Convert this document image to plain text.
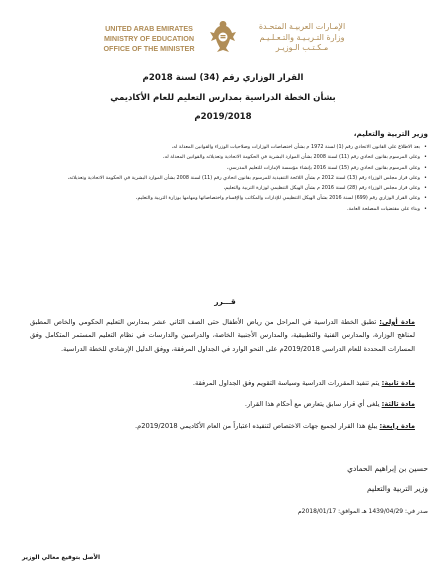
UNITED ARAB EMIRATES
MINISTRY OF EDUCATION
OFFICE OF THE MINISTER
الإمـارات العربيـة المتحـدة
وزارة التـربـيـة والتـعـلـيـم
مـكـتـب الـوزيـر
القرار الوزاري رقم (34) لسنة 2018م
بشأن الخطة الدراسية بمدارس التعليم للعام الأكاديمي
2019/2018م
وزير التربية والتعليم،
• بعد الاطلاع على القانون الاتحادي رقم (1) لسنة 1972 م بشأن اختصاصات الوزارات وصلاحيات الوزراء والقوانين المعدلة له،
• وعلى المرسوم بقانون اتحادي رقم (11) لسنة 2008 بشأن الموارد البشرية في الحكومة الاتحادية وتعديلاته والقوانين المعدلة له،
• وعلى المرسوم بقانون اتحادي رقم (15) لسنة 2016 بإنشاء مؤسسة الإمارات للتعليم المدرسي،
• وعلى قرار مجلس الوزراء رقم (13) لسنة 2012 م بشأن اللائحة التنفيذية للمرسوم بقانون اتحادي رقم (11) لسنة 2008 بشأن الموارد البشرية في الحكومة الاتحادية وتعديلاته،
• وعلى قرار مجلس الوزراء رقم (28) لسنة 2016 م بشأن الهيكل التنظيمي لوزارة التربية والتعليم،
• وعلى القرار الوزاري رقم (699) لسنة 2016 بشأن الهيكل التنظيمي للإدارات والمكاتب والإقسام واختصاصاتها ومهامها بوزارة التربية والتعليم،
• وبناء على مقتضيات المصلحة العامة.
قـــرر
مادة أولى: تطبق الخطة الدراسية في المراحل من رياض الأطفال حتى الصف الثاني عشر بمدارس التعليم الحكومي والخاص المطبق لمناهج الوزارة، والمدارس الفنية والتطبيقية، والمدارس الأجنبية الخاصة، والدراسين والدارسات في نظام التعليم المستمر المتكامل وفق المسارات المحددة للعام الدراسي 2019/2018م على النحو الوارد في الجداول المرفقة، ووفق الدليل الإرشادي للخطة الدراسية.
مادة ثانية: يتم تنفيذ المقررات الدراسية وسياسة التقويم وفق الجداول المرفقة.
مادة ثالثة: يلغى أي قرار سابق يتعارض مع أحكام هذا القرار.
مادة رابعة: يبلغ هذا القرار لجميع جهات الاختصاص لتنفيذه اعتباراً من العام الأكاديمي 2019/2018م.
حسين بن إبراهيم الحمادي
وزير التربية والتعليم
صدر في: 1439/04/29 هـ الموافق: 2018/01/17م
الأصل بتوقيع معالي الوزير
